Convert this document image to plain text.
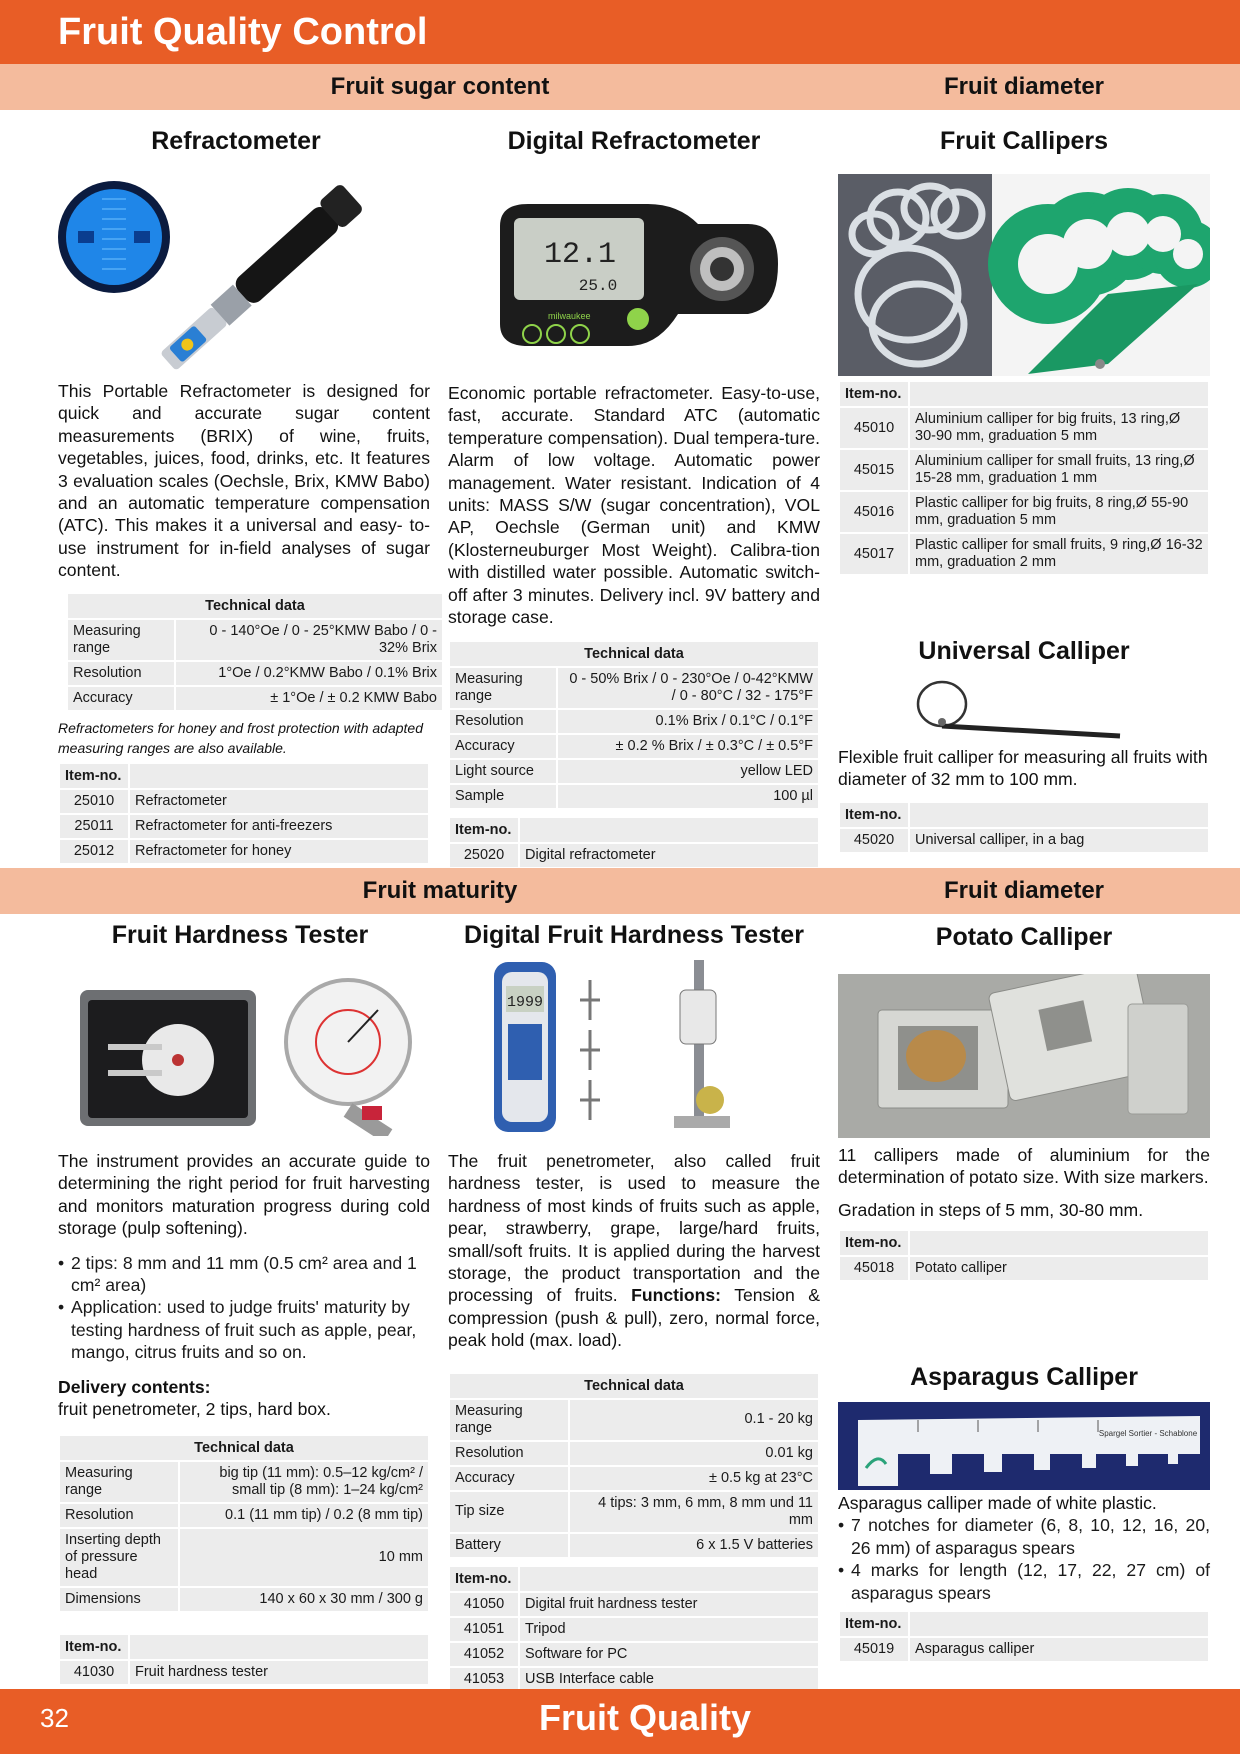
Fruit Quality Control
Fruit sugar content	Fruit diameter
Refractometer
This Portable Refractometer is designed for quick and accurate sugar content measurements (BRIX) of wine, fruits, vegetables, juices, food, drinks, etc. It features 3 evaluation scales (Oechsle, Brix, KMW Babo) and an automatic temperature compensation (ATC). This makes it a universal and easy- to-use instrument for in-field analyses of sugar content.
Technical data	
Measuring range	0 - 140°Oe / 0 - 25°KMW Babo / 0 - 32% Brix
Resolution	1°Oe / 0.2°KMW Babo / 0.1% Brix
Accuracy	± 1°Oe / ± 0.2 KMW Babo
Refractometers for honey and frost protection with adapted measuring ranges are also available.
Item-no.	
25010	Refractometer
25011	Refractometer for anti-freezers
25012	Refractometer for honey
Digital Refractometer
12.1
25.0
milwaukee
Economic portable refractometer. Easy-to-use, fast, accurate. Standard ATC (automatic temperature compensation). Dual tempera-ture. Alarm of low voltage. Automatic power management. Water resistant. Indication of 4 units: MASS S/W (sugar concentration), VOL AP, Oechsle (German unit) and KMW (Klosterneuburger Most Weight). Calibra-tion with distilled water possible. Automatic switch-off after 3 minutes. Delivery incl. 9V battery and storage case.
Technical data	
Measuring range	0 - 50% Brix / 0 - 230°Oe / 0-42°KMW / 0 - 80°C / 32 - 175°F
Resolution	0.1% Brix / 0.1°C / 0.1°F
Accuracy	± 0.2 % Brix / ± 0.3°C / ± 0.5°F
Light source	yellow LED
Sample	100 µl
Item-no.	
25020	Digital refractometer
Fruit Callipers
Item-no.	
45010	Aluminium calliper for big fruits, 13 ring,Ø 30-90 mm, graduation 5 mm
45015	Aluminium calliper for small fruits, 13 ring,Ø 15-28 mm, graduation 1 mm
45016	Plastic calliper for big fruits, 8 ring,Ø 55-90 mm, graduation 5 mm
45017	Plastic calliper for small fruits, 9 ring,Ø 16-32 mm, graduation 2 mm
Universal Calliper
Flexible fruit calliper for measuring all fruits with diameter of 32 mm to 100 mm.
Item-no.	
45020	Universal calliper, in a bag
Fruit maturity	Fruit diameter
Fruit Hardness Tester
The instrument provides an accurate guide to determining the right period for fruit harvesting and monitors maturation progress during cold storage (pulp softening).
• 2 tips: 8 mm and 11 mm (0.5 cm² area and 1 cm² area)
• Application: used to judge fruits' maturity by testing hardness of fruit such as apple, pear, mango, citrus fruits and so on.
Delivery contents:
fruit penetrometer, 2 tips, hard box.
Technical data	
Measuring range	big tip (11 mm): 0.5–12 kg/cm² / small tip (8 mm): 1–24 kg/cm²
Resolution	0.1 (11 mm tip) / 0.2 (8 mm tip)
Inserting depth of pressure head	10 mm
Dimensions	140 x 60 x 30 mm / 300 g
Item-no.	
41030	Fruit hardness tester
Digital Fruit Hardness Tester
1999
The fruit penetrometer, also called fruit hardness tester, is used to measure the hardness of most kinds of fruits such as apple, pear, strawberry, grape, large/hard fruits, small/soft fruits. It is applied during the harvest storage, the product transportation and the processing of fruits. Functions: Tension & compression (push & pull), zero, normal force, peak hold (max. load).
Technical data	
Measuring range	0.1 - 20 kg
Resolution	0.01 kg
Accuracy	± 0.5 kg at 23°C
Tip size	4 tips: 3 mm, 6 mm, 8 mm und 11 mm
Battery	6 x 1.5 V batteries
Item-no.	
41050	Digital fruit hardness tester
41051	Tripod
41052	Software for PC
41053	USB Interface cable
Potato Calliper
11 callipers made of aluminium for the determination of potato size. With size markers.
Gradation in steps of 5 mm, 30-80 mm.
Item-no.	
45018	Potato calliper
Asparagus Calliper
Spargel Sortier - Schablone
Asparagus calliper made of white plastic.
• 7 notches for diameter (6, 8, 10, 12, 16, 20, 26 mm) of asparagus spears
• 4 marks for length (12, 17, 22, 27 cm) of asparagus spears
Item-no.	
45019	Asparagus calliper
32	Fruit Quality
